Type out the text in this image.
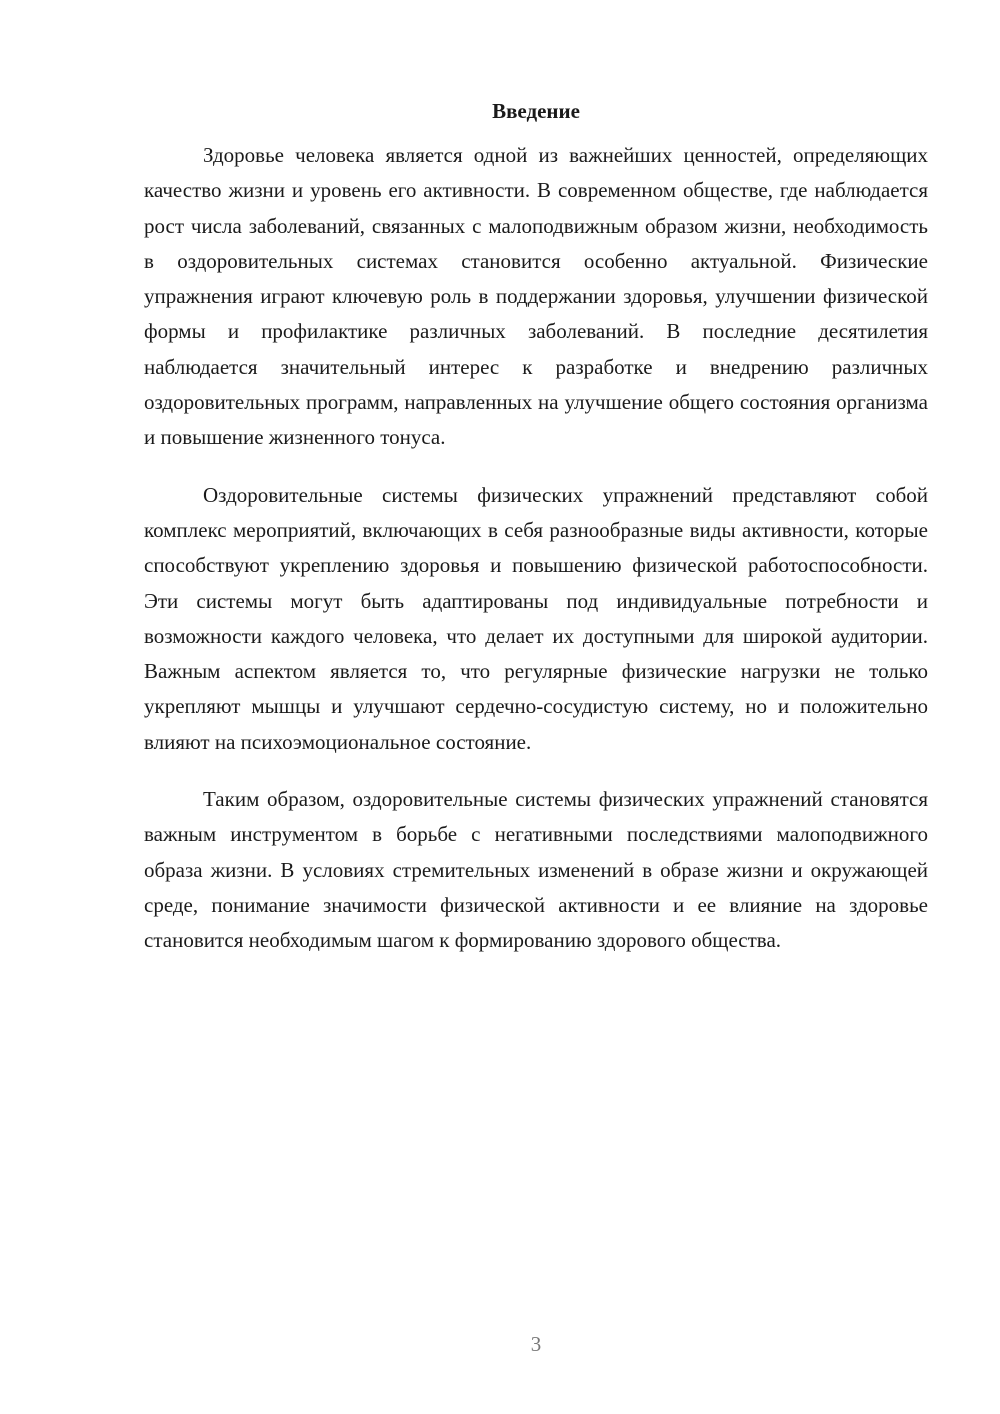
Введение

Здоровье человека является одной из важнейших ценностей, определяющих качество жизни и уровень его активности. В современном обществе, где наблюдается рост числа заболеваний, связанных с малоподвижным образом жизни, необходимость в оздоровительных системах становится особенно актуальной. Физические упражнения играют ключевую роль в поддержании здоровья, улучшении физической формы и профилактике различных заболеваний. В последние десятилетия наблюдается значительный интерес к разработке и внедрению различных оздоровительных программ, направленных на улучшение общего состояния организма и повышение жизненного тонуса.

Оздоровительные системы физических упражнений представляют собой комплекс мероприятий, включающих в себя разнообразные виды активности, которые способствуют укреплению здоровья и повышению физической работоспособности. Эти системы могут быть адаптированы под индивидуальные потребности и возможности каждого человека, что делает их доступными для широкой аудитории. Важным аспектом является то, что регулярные физические нагрузки не только укрепляют мышцы и улучшают сердечно-сосудистую систему, но и положительно влияют на психоэмоциональное состояние.

Таким образом, оздоровительные системы физических упражнений становятся важным инструментом в борьбе с негативными последствиями малоподвижного образа жизни. В условиях стремительных изменений в образе жизни и окружающей среде, понимание значимости физической активности и ее влияние на здоровье становится необходимым шагом к формированию здорового общества.

3
